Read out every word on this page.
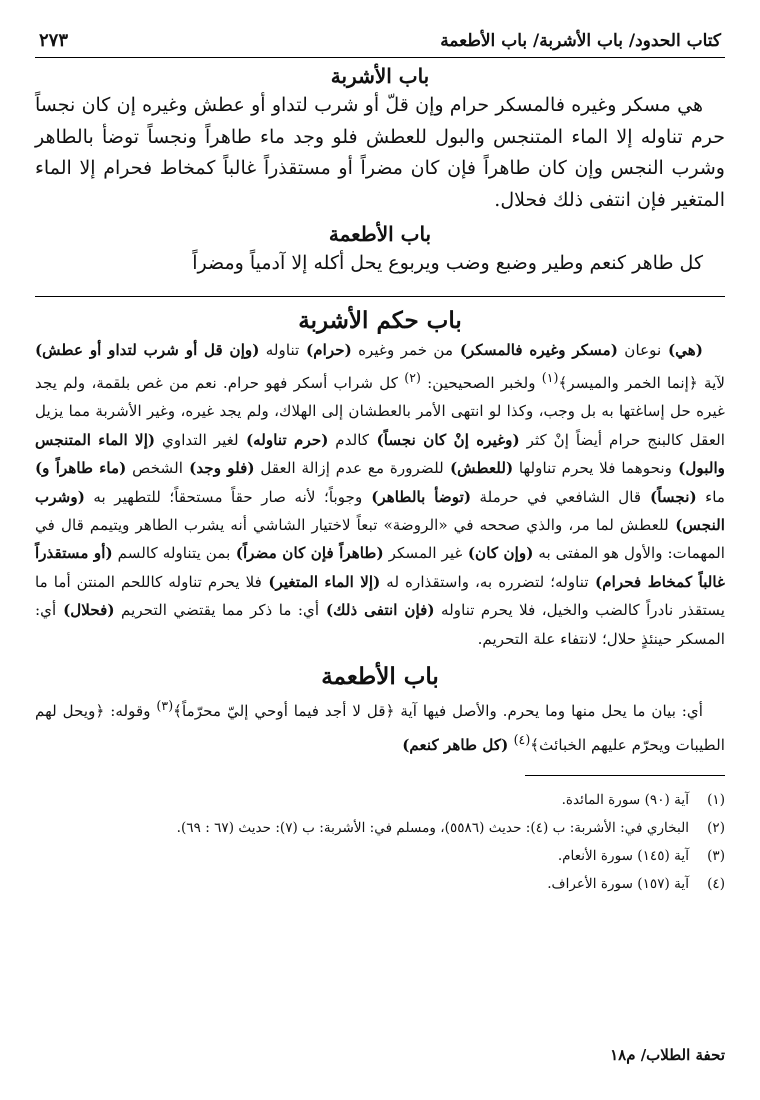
كتاب الحدود/ باب الأشربة/ باب الأطعمة
٢٧٣
باب الأشربة

هي مسكر وغيره فالمسكر حرام وإن قلّ أو شرب لتداو أو عطش وغيره إن كان نجساً حرم تناوله إلا الماء المتنجس والبول للعطش فلو وجد ماء طاهراً ونجساً توضأ بالطاهر وشرب النجس وإن كان طاهراً فإن كان مضراً أو مستقذراً غالباً كمخاط فحرام إلا الماء المتغير فإن انتفى ذلك فحلال.

باب الأطعمة

كل طاهر كنعم وطير وضبع وضب ويربوع يحل أكله إلا آدمياً ومضراً

باب حكم الأشربة

(هي) نوعان (مسكر وغيره فالمسكر) من خمر وغيره (حرام) تناوله (وإن قل أو شرب لتداو أو عطش) لآية ﴿إنما الخمر والميسر﴾$^{(١)}$ ولخبر الصحيحين: $^{(٢)}$ كل شراب أسكر فهو حرام. نعم من غص بلقمة، ولم يجد غيره حل إساغتها به بل وجب، وكذا لو انتهى الأمر بالعطشان إلى الهلاك، ولم يجد غيره، وغير الأشربة مما يزيل العقل كالبنج حرام أيضاً إنْ كثر (وغيره إنْ كان نجساً) كالدم (حرم تناوله) لغير التداوي (إلا الماء المتنجس والبول) ونحوهما فلا يحرم تناولها (للعطش) للضرورة مع عدم إزالة العقل (فلو وجد) الشخص (ماء طاهراً و) ماء (نجساً) قال الشافعي في حرملة (توضأ بالطاهر) وجوباً؛ لأنه صار حقاً مستحقاً؛ للتطهير به (وشرب النجس) للعطش لما مر، والذي صححه في «الروضة» تبعاً لاختيار الشاشي أنه يشرب الطاهر ويتيمم قال في المهمات: والأول هو المفتى به (وإن كان) غير المسكر (طاهراً فإن كان مضراً) بمن يتناوله كالسم (أو مستقذراً غالباً كمخاط فحرام) تناوله؛ لتضرره به، واستقذاره له (إلا الماء المتغير) فلا يحرم تناوله كاللحم المنتن أما ما يستقذر نادراً كالضب والخيل، فلا يحرم تناوله (فإن انتفى ذلك) أي: ما ذكر مما يقتضي التحريم (فحلال) أي: المسكر حينئذٍ حلال؛ لانتفاء علة التحريم.

باب الأطعمة

أي: بيان ما يحل منها وما يحرم. والأصل فيها آية ﴿قل لا أجد فيما أوحي إليّ محرّماً﴾$^{(٣)}$ وقوله: ﴿ويحل لهم الطيبات ويحرّم عليهم الخبائث﴾$^{(٤)}$ (كل طاهر كنعم)

(١)
آية (٩٠) سورة المائدة.
(٢)
البخاري في: الأشربة: ب (٤): حديث (٥٥٨٦)، ومسلم في: الأشربة: ب (٧): حديث (٦٧ : ٦٩).
(٣)
آية (١٤٥) سورة الأنعام.
(٤)
آية (١٥٧) سورة الأعراف.
تحفة الطلاب/ م١٨
